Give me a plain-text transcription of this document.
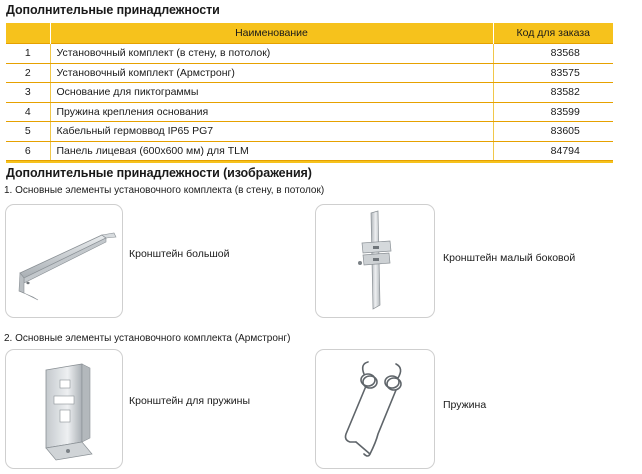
Дополнительные принадлежности
	Наименование	Код для заказа
1	Установочный комплект (в стену, в потолок)	83568
2	Установочный комплект (Армстронг)	83575
3	Основание для пиктограммы	83582
4	Пружина крепления основания	83599
5	Кабельный гермоввод IP65 PG7	83605
6	Панель лицевая (600x600 мм) для TLM	84794

Дополнительные принадлежности (изображения)
1. Основные элементы установочного комплекта (в стену, в потолок)
Кронштейн большой	Кронштейн малый боковой
2. Основные элементы установочного комплекта (Армстронг)
Кронштейн для пружины	Пружина
